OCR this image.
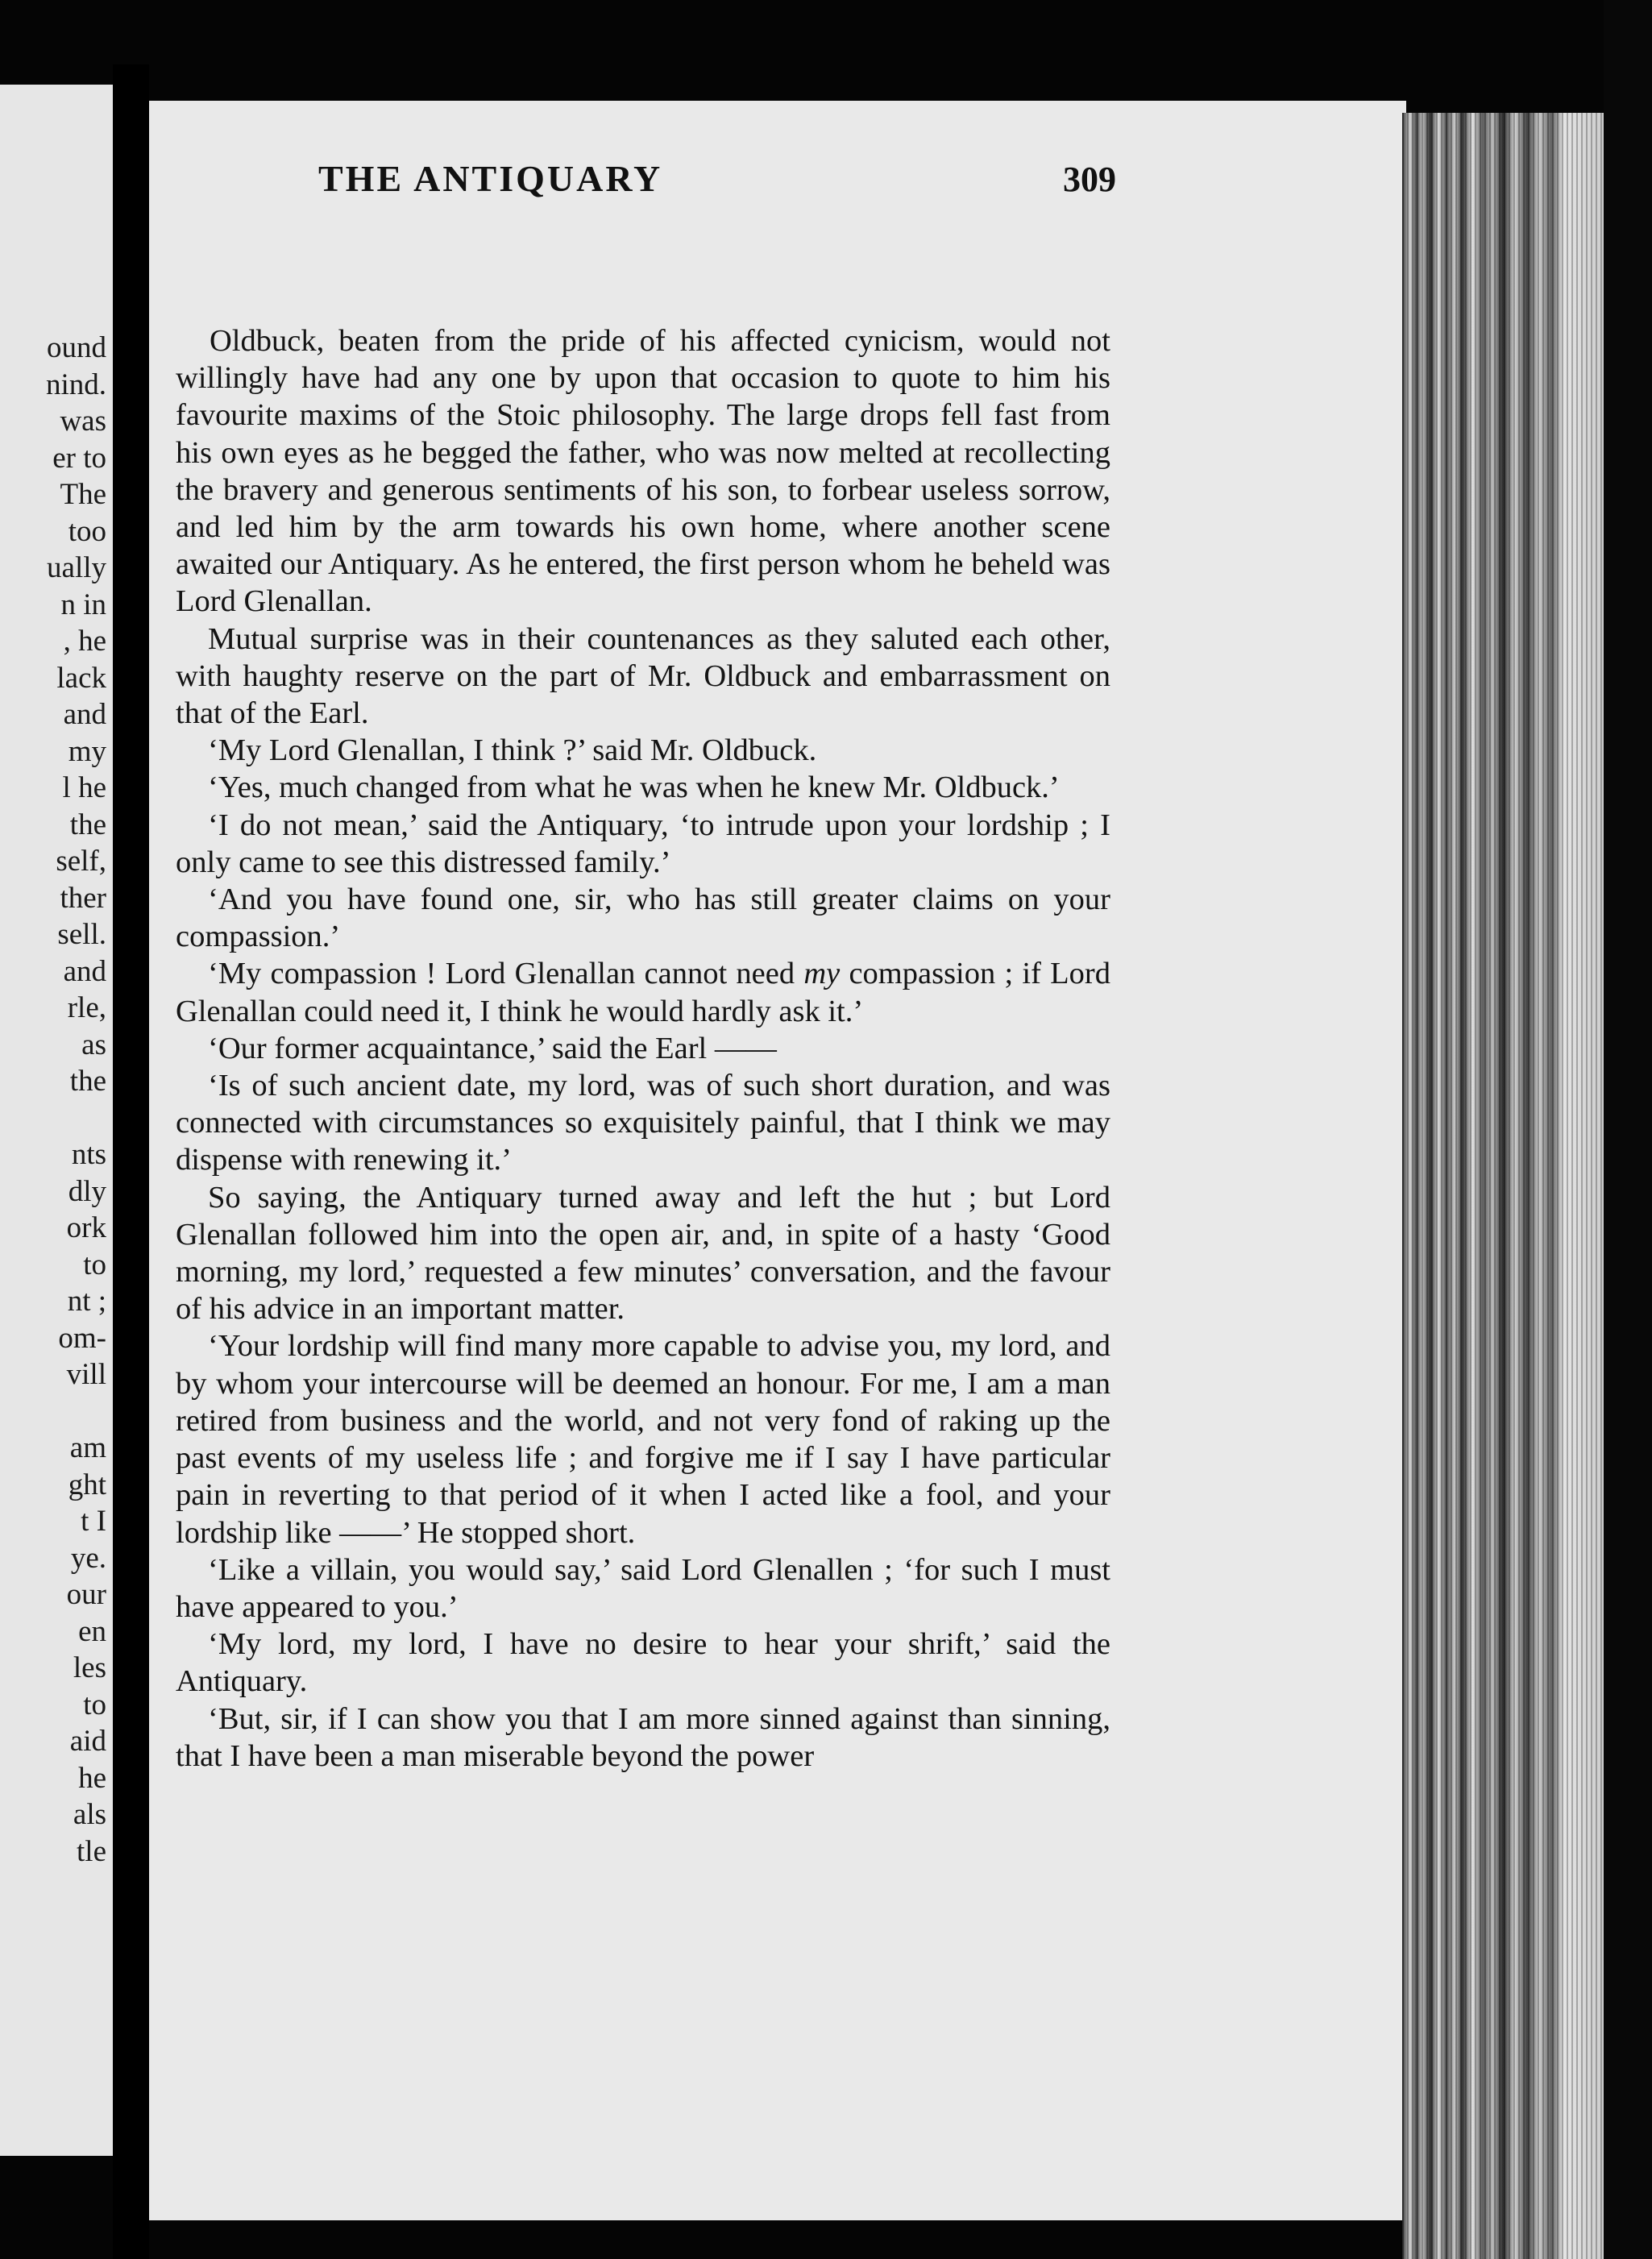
ound
nind.
was
er to
The
too
ually
n in
, he
lack
and
my
l he
the
self,
ther
sell.
and
rle,
as
the
nts
dly
ork
to
nt ;
om-
vill
am
ght
t I
ye.
our
en
les
to
aid
he
als
tle
THE ANTIQUARY	309

Oldbuck, beaten from the pride of his affected cynicism, would not willingly have had any one by upon that occasion to quote to him his favourite maxims of the Stoic philosophy. The large drops fell fast from his own eyes as he begged the father, who was now melted at recollecting the bravery and generous sentiments of his son, to forbear useless sorrow, and led him by the arm towards his own home, where another scene awaited our Antiquary. As he entered, the first person whom he beheld was Lord Glenallan.

Mutual surprise was in their countenances as they saluted each other, with haughty reserve on the part of Mr. Oldbuck and embarrassment on that of the Earl.

‘My Lord Glenallan, I think ?’ said Mr. Oldbuck.

‘Yes, much changed from what he was when he knew Mr. Oldbuck.’

‘I do not mean,’ said the Antiquary, ‘to intrude upon your lordship ; I only came to see this distressed family.’

‘And you have found one, sir, who has still greater claims on your compassion.’

‘My compassion ! Lord Glenallan cannot need my compassion ; if Lord Glenallan could need it, I think he would hardly ask it.’

‘Our former acquaintance,’ said the Earl ——

‘Is of such ancient date, my lord, was of such short duration, and was connected with circumstances so exquisitely painful, that I think we may dispense with renewing it.’

So saying, the Antiquary turned away and left the hut ; but Lord Glenallan followed him into the open air, and, in spite of a hasty ‘Good morning, my lord,’ requested a few minutes’ conversation, and the favour of his advice in an important matter.

‘Your lordship will find many more capable to advise you, my lord, and by whom your intercourse will be deemed an honour. For me, I am a man retired from business and the world, and not very fond of raking up the past events of my useless life ; and forgive me if I say I have particular pain in reverting to that period of it when I acted like a fool, and your lordship like ——’ He stopped short.

‘Like a villain, you would say,’ said Lord Glenallen ; ‘for such I must have appeared to you.’

‘My lord, my lord, I have no desire to hear your shrift,’ said the Antiquary.

‘But, sir, if I can show you that I am more sinned against than sinning, that I have been a man miserable beyond the power
